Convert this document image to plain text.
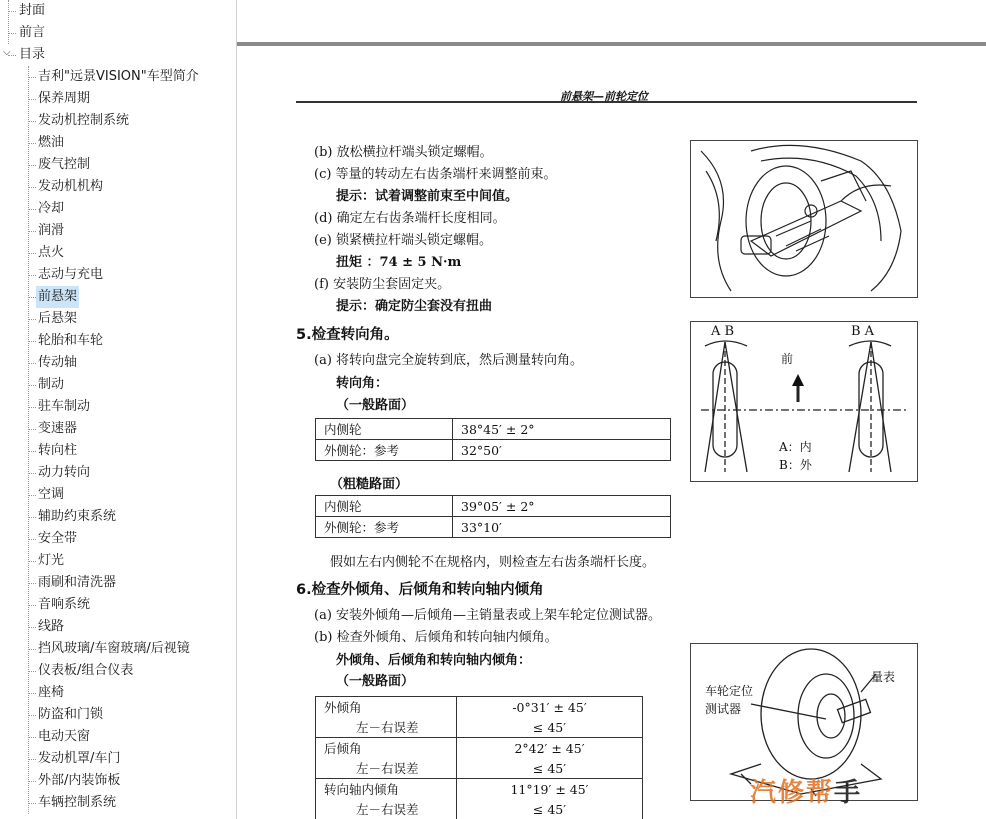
封面
前言
目录
吉利"远景VISION"车型简介
保养周期
发动机控制系统
燃油
废气控制
发动机机构
冷却
润滑
点火
志动与充电
前悬架
后悬架
轮胎和车轮
传动轴
制动
驻车制动
变速器
转向柱
动力转向
空调
辅助约束系统
安全带
灯光
雨刷和清洗器
音响系统
线路
挡风玻璃/车窗玻璃/后视镜
仪表板/组合仪表
座椅
防盗和门锁
电动天窗
发动机罩/车门
外部/内装饰板
车辆控制系统
⌵
前悬架—前轮定位
(b) 放松横拉杆端头锁定螺帽。
(c) 等量的转动左右齿条端杆来调整前束。
提示：试着调整前束至中间值。
(d) 确定左右齿条端杆长度相同。
(e) 锁紧横拉杆端头锁定螺帽。
扭矩 ：74 ± 5 N·m
(f) 安装防尘套固定夹。
提示：确定防尘套没有扭曲
5.检查转向角。
(a) 将转向盘完全旋转到底，然后测量转向角。
转向角：
（一般路面）
内侧轮	38°45′ ± 2°
外侧轮：参考	32°50′
（粗糙路面）
内侧轮	39°05′ ± 2°
外侧轮：参考	33°10′
假如左右内侧轮不在规格内，则检查左右齿条端杆长度。
6.检查外倾角、后倾角和转向轴内倾角
(a) 安装外倾角—后倾角—主销量表或上架车轮定位测试器。
(b) 检查外倾角、后倾角和转向轴内倾角。
外倾角、后倾角和转向轴内倾角：
（一般路面）
外倾角	-0°31′ ± 45′
左－右误差	≤ 45′
后倾角	2°42′ ± 45′
左－右误差	≤ 45′
转向轴内倾角	11°19′ ± 45′
左－右误差	≤ 45′
A B	B A
前
A：内
B：外
车轮定位
测试器
量表
汽修帮手
